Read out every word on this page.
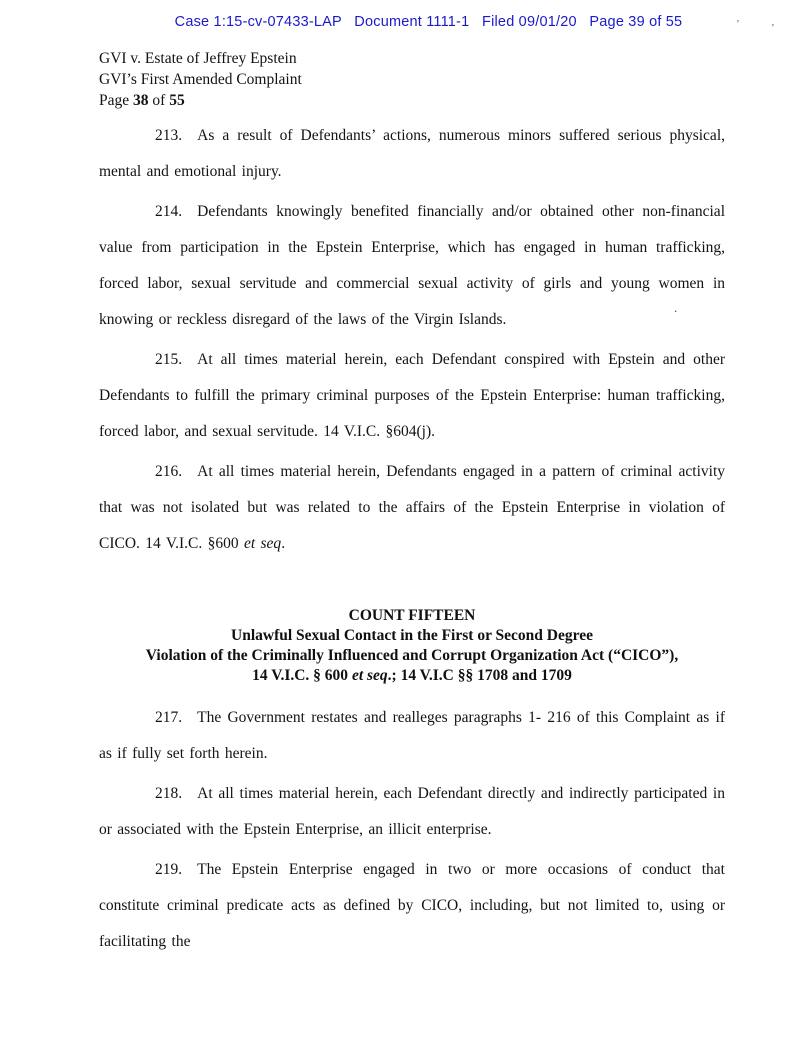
Case 1:15-cv-07433-LAP   Document 1111-1   Filed 09/01/20   Page 39 of 55	’	’
.
GVI v. Estate of Jeffrey Epstein
GVI’s First Amended Complaint
Page 38 of 55

213. As a result of Defendants’ actions, numerous minors suffered serious physical, mental and emotional injury.

214. Defendants knowingly benefited financially and/or obtained other non-financial value from participation in the Epstein Enterprise, which has engaged in human trafficking, forced labor, sexual servitude and commercial sexual activity of girls and young women in knowing or reckless disregard of the laws of the Virgin Islands.

215. At all times material herein, each Defendant conspired with Epstein and other Defendants to fulfill the primary criminal purposes of the Epstein Enterprise: human trafficking, forced labor, and sexual servitude. 14 V.I.C. §604(j).

216. At all times material herein, Defendants engaged in a pattern of criminal activity that was not isolated but was related to the affairs of the Epstein Enterprise in violation of CICO. 14 V.I.C. §600 et seq.

COUNT FIFTEEN
Unlawful Sexual Contact in the First or Second Degree
Violation of the Criminally Influenced and Corrupt Organization Act (“CICO”),
14 V.I.C. § 600 et seq.; 14 V.I.C §§ 1708 and 1709

217. The Government restates and realleges paragraphs 1- 216 of this Complaint as if as if fully set forth herein.

218. At all times material herein, each Defendant directly and indirectly participated in or associated with the Epstein Enterprise, an illicit enterprise.

219. The Epstein Enterprise engaged in two or more occasions of conduct that constitute criminal predicate acts as defined by CICO, including, but not limited to, using or facilitating the
